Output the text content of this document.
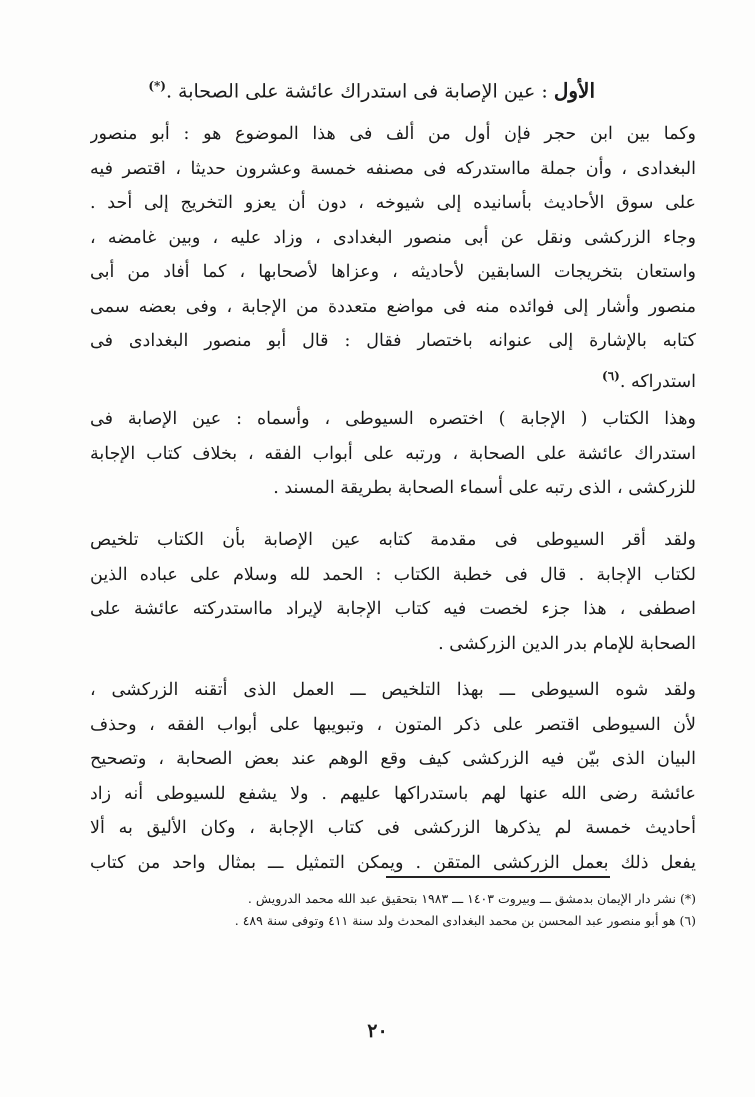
الأول : عين الإصابة فى استدراك عائشة على الصحابة .(*)
وكما بين ابن حجر فإن أول من ألف فى هذا الموضوع هو : أبو منصور
البغدادى ، وأن جملة مااستدركه فى مصنفه خمسة وعشرون حديثا ، اقتصر فيه
على سوق الأحاديث بأسانيده إلى شيوخه ، دون أن يعزو التخريج إلى أحد .
وجاء الزركشى ونقل عن أبى منصور البغدادى ، وزاد عليه ، وبين غامضه ،
واستعان بتخريجات السابقين لأحاديثه ، وعزاها لأصحابها ، كما أفاد من أبى
منصور وأشار إلى فوائده منه فى مواضع متعددة من الإجابة ، وفى بعضه سمى
كتابه بالإشارة إلى عنوانه باختصار فقال : قال أبو منصور البغدادى فى
استدراكه .$^{(٦)}$
وهذا الكتاب ( الإجابة ) اختصره السيوطى ، وأسماه : عين الإصابة فى
استدراك عائشة على الصحابة ، ورتبه على أبواب الفقه ، بخلاف كتاب الإجابة
للزركشى ، الذى رتبه على أسماء الصحابة بطريقة المسند .
ولقد أقر السيوطى فى مقدمة كتابه عين الإصابة بأن الكتاب تلخيص
لكتاب الإجابة . قال فى خطبة الكتاب : الحمد لله وسلام على عباده الذين
اصطفى ، هذا جزء لخصت فيه كتاب الإجابة لإيراد مااستدركته عائشة على
الصحابة للإمام بدر الدين الزركشى .
ولقد شوه السيوطى ـــ بهذا التلخيص ـــ العمل الذى أتقنه الزركشى ،
لأن السيوطى اقتصر على ذكر المتون ، وتبويبها على أبواب الفقه ، وحذف
البيان الذى بيّن فيه الزركشى كيف وقع الوهم عند بعض الصحابة ، وتصحيح
عائشة رضى الله عنها لهم باستدراكها عليهم . ولا يشفع للسيوطى أنه زاد
أحاديث خمسة لم يذكرها الزركشى فى كتاب الإجابة ، وكان الأليق به ألا
يفعل ذلك بعمل الزركشى المتقن . ويمكن التمثيل ـــ بمثال واحد من كتاب
(*) نشر دار الإيمان بدمشق ـــ وبيروت ١٤٠٣ ـــ ١٩٨٣ بتحقيق عبد الله محمد الدرويش .
(٦) هو أبو منصور عبد المحسن بن محمد البغدادى المحدث ولد سنة ٤١١ وتوفى سنة ٤٨٩ .
٢٠
